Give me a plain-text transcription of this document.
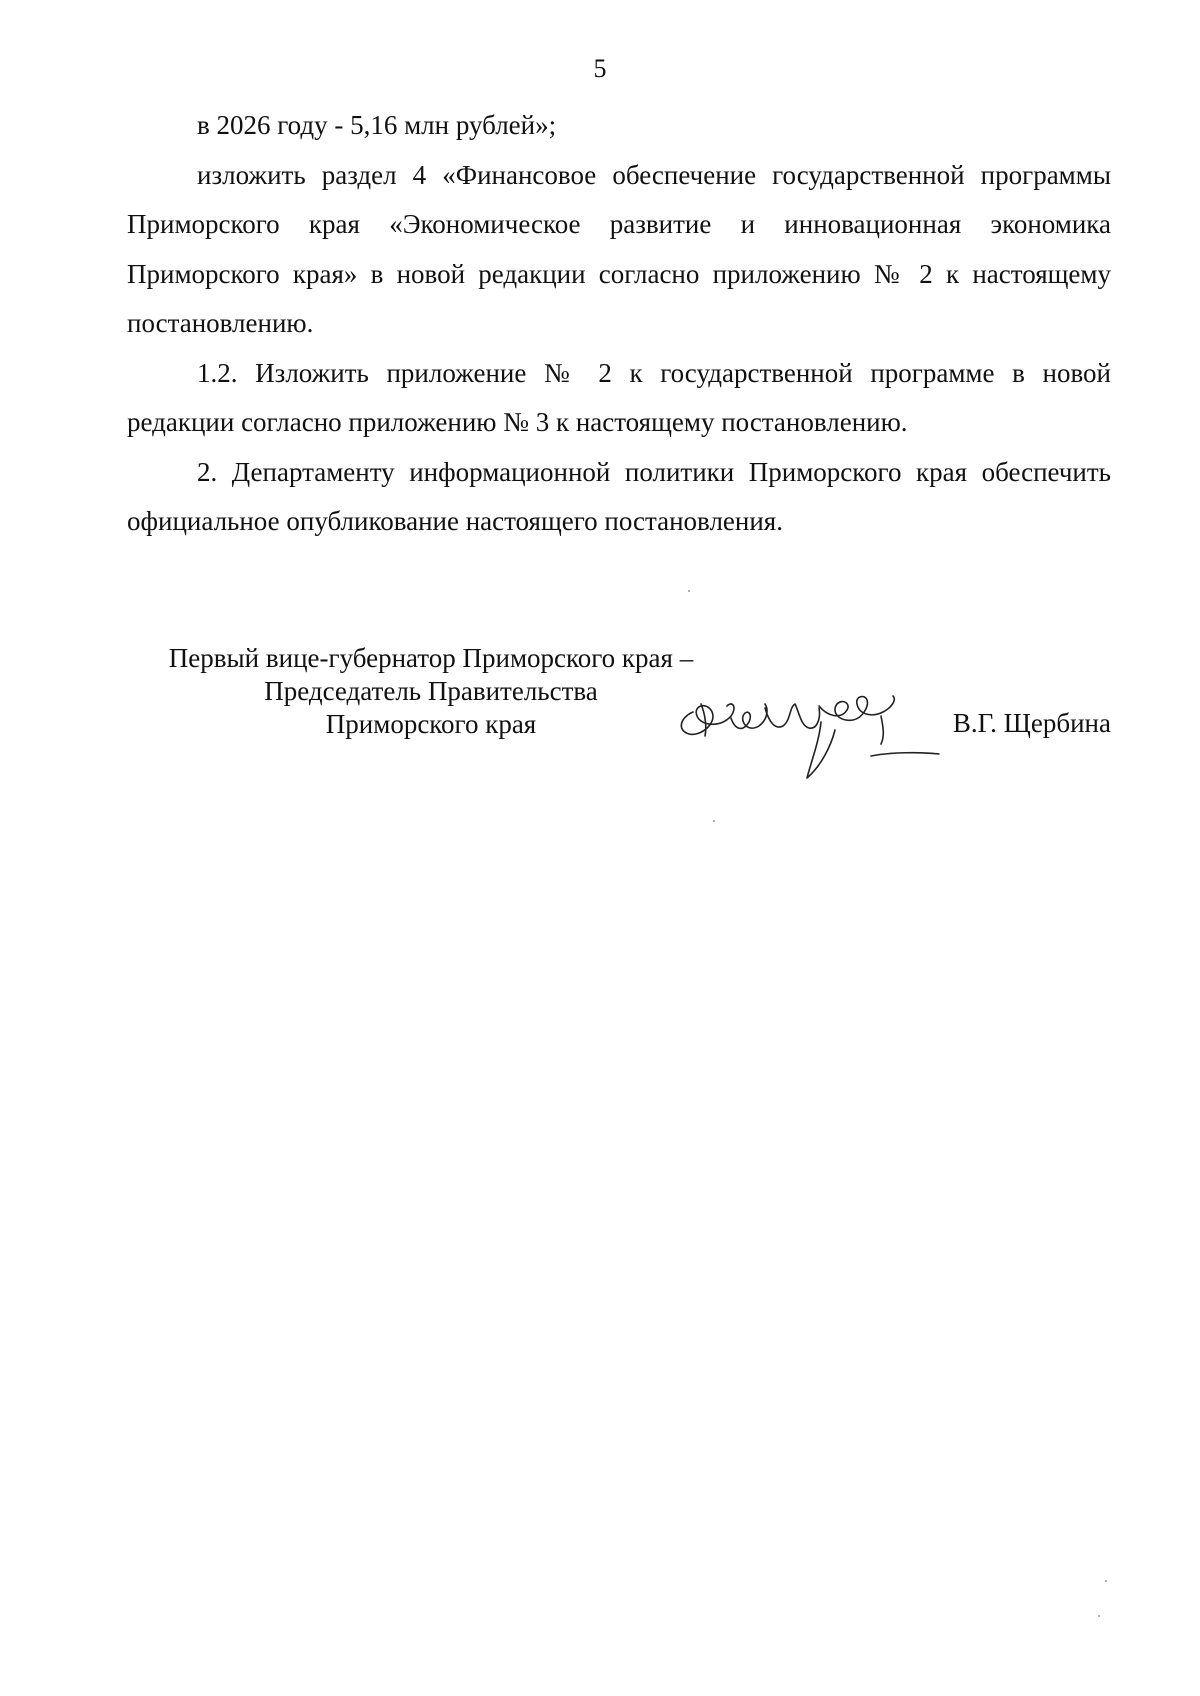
5

в 2026 году - 5,16 млн рублей»;

изложить раздел 4 «Финансовое обеспечение государственной программы Приморского края «Экономическое развитие и инновационная экономика Приморского края» в новой редакции согласно приложению № 2 к настоящему постановлению.

1.2. Изложить приложение № 2 к государственной программе в новой редакции согласно приложению № 3 к настоящему постановлению.

2. Департаменту информационной политики Приморского края обеспечить официальное опубликование настоящего постановления.

Первый вице-губернатор Приморского края –
Председатель Правительства
Приморского края	В.Г. Щербина
